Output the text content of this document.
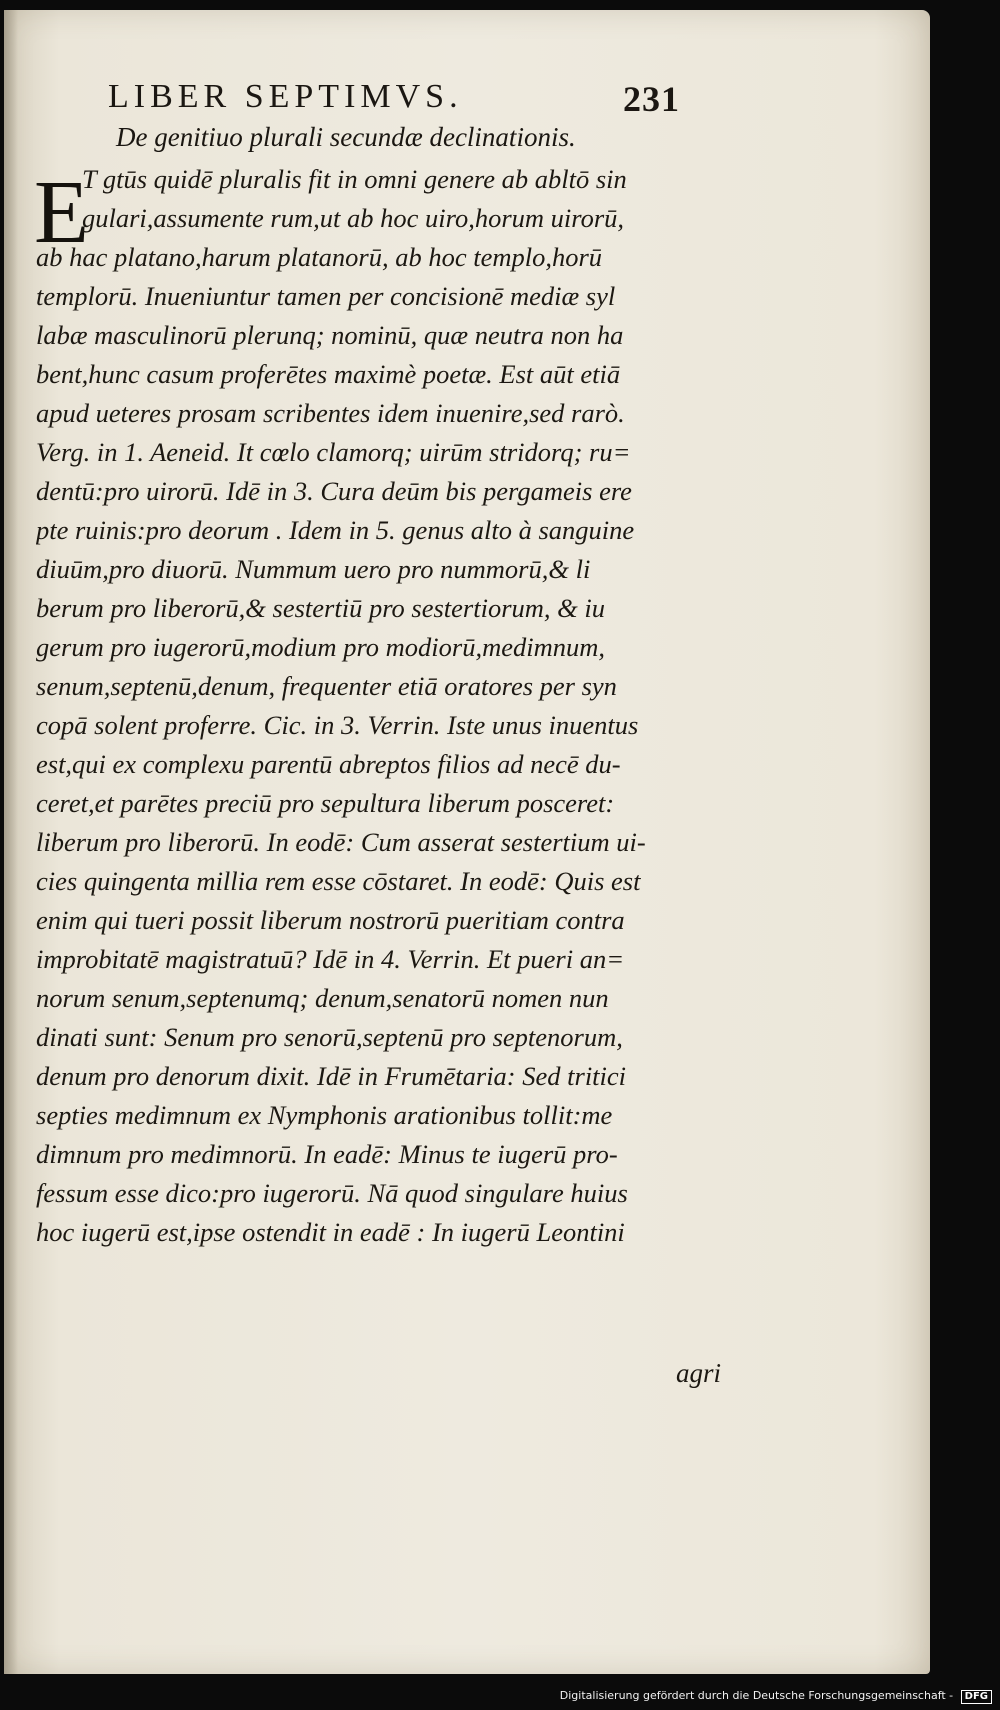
LIBER SEPTIMVS.	231
De genitiuo plurali secundæ declinationis.
E
T gtūs quidē pluralis fit in omni genere ab abltō sin
gulari,assumente rum,ut ab hoc uiro,horum uirorū,
ab hac platano,harum platanorū, ab hoc templo,horū
templorū. Inueniuntur tamen per concisionē mediæ syl
labæ masculinorū plerunq; nominū, quæ neutra non ha
bent,hunc casum proferētes maximè poetæ. Est aūt etiā
apud ueteres prosam scribentes idem inuenire,sed rarò.
Verg. in 1. Aeneid. It cœlo clamorq; uirūm stridorq; ru=
dentū:pro uirorū. Idē in 3. Cura deūm bis pergameis ere
pte ruinis:pro deorum . Idem in 5. genus alto à sanguine
diuūm,pro diuorū. Nummum uero pro nummorū,& li
berum pro liberorū,& sestertiū pro sestertiorum, & iu
gerum pro iugerorū,modium pro modiorū,medimnum,
senum,septenū,denum, frequenter etiā oratores per syn
copā solent proferre. Cic. in 3. Verrin. Iste unus inuentus
est,qui ex complexu parentū abreptos filios ad necē du-
ceret,et parētes preciū pro sepultura liberum posceret:
liberum pro liberorū. In eodē: Cum asserat sestertium ui-
cies quingenta millia rem esse cōstaret. In eodē: Quis est
enim qui tueri possit liberum nostrorū pueritiam contra
improbitatē magistratuū? Idē in 4. Verrin. Et pueri an=
norum senum,septenumq; denum,senatorū nomen nun
dinati sunt: Senum pro senorū,septenū pro septenorum,
denum pro denorum dixit. Idē in Frumētaria: Sed tritici
septies medimnum ex Nymphonis arationibus tollit:me
dimnum pro medimnorū. In eadē: Minus te iugerū pro-
fessum esse dico:pro iugerorū. Nā quod singulare huius
hoc iugerū est,ipse ostendit in eadē : In iugerū Leontini
agri
Digitalisierung gefördert durch die Deutsche Forschungsgemeinschaft - DFG
